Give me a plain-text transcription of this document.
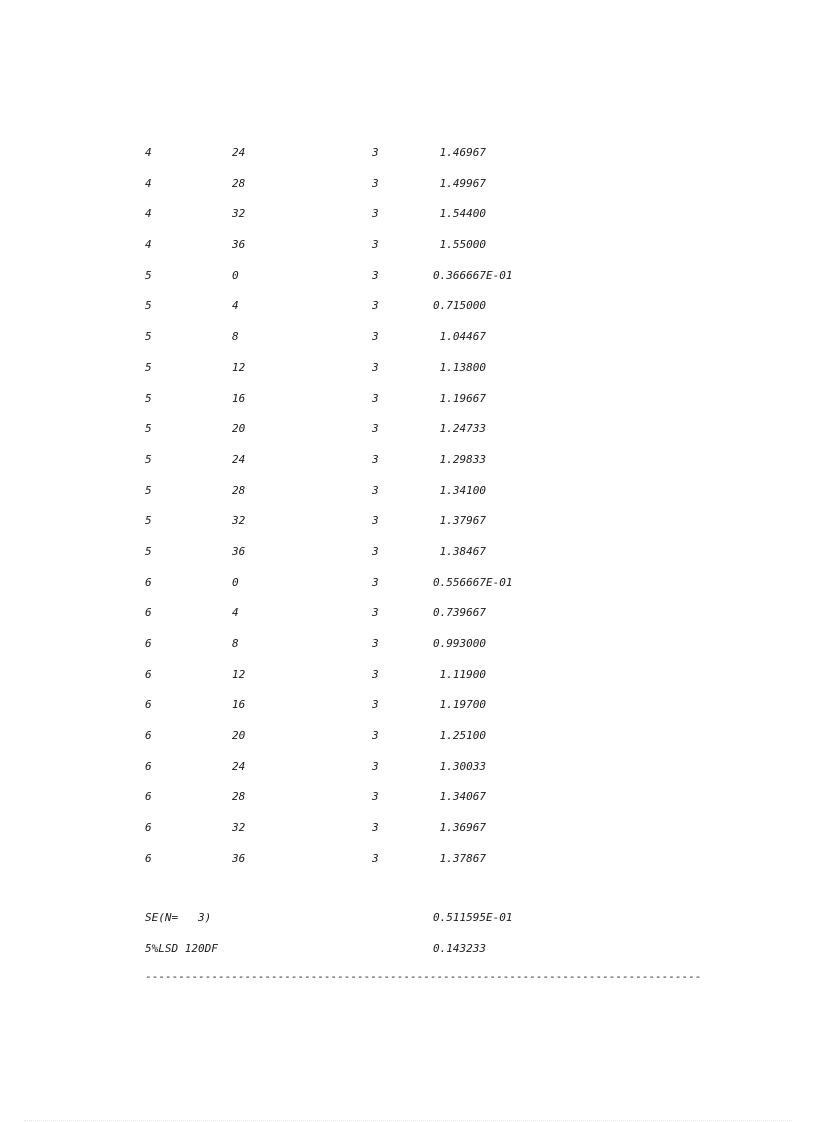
4	24	3	1.46967
4	28	3	1.49967
4	32	3	1.54400
4	36	3	1.55000
5	0	3	0.366667E-01
5	4	3	0.715000
5	8	3	1.04467
5	12	3	1.13800
5	16	3	1.19667
5	20	3	1.24733
5	24	3	1.29833
5	28	3	1.34100
5	32	3	1.37967
5	36	3	1.38467
6	0	3	0.556667E-01
6	4	3	0.739667
6	8	3	0.993000
6	12	3	1.11900
6	16	3	1.19700
6	20	3	1.25100
6	24	3	1.30033
6	28	3	1.34067
6	32	3	1.36967
6	36	3	1.37867
SE(N=   3)	0.511595E-01
5%LSD 120DF	0.143233
------------------------------------------------------------------------------------
